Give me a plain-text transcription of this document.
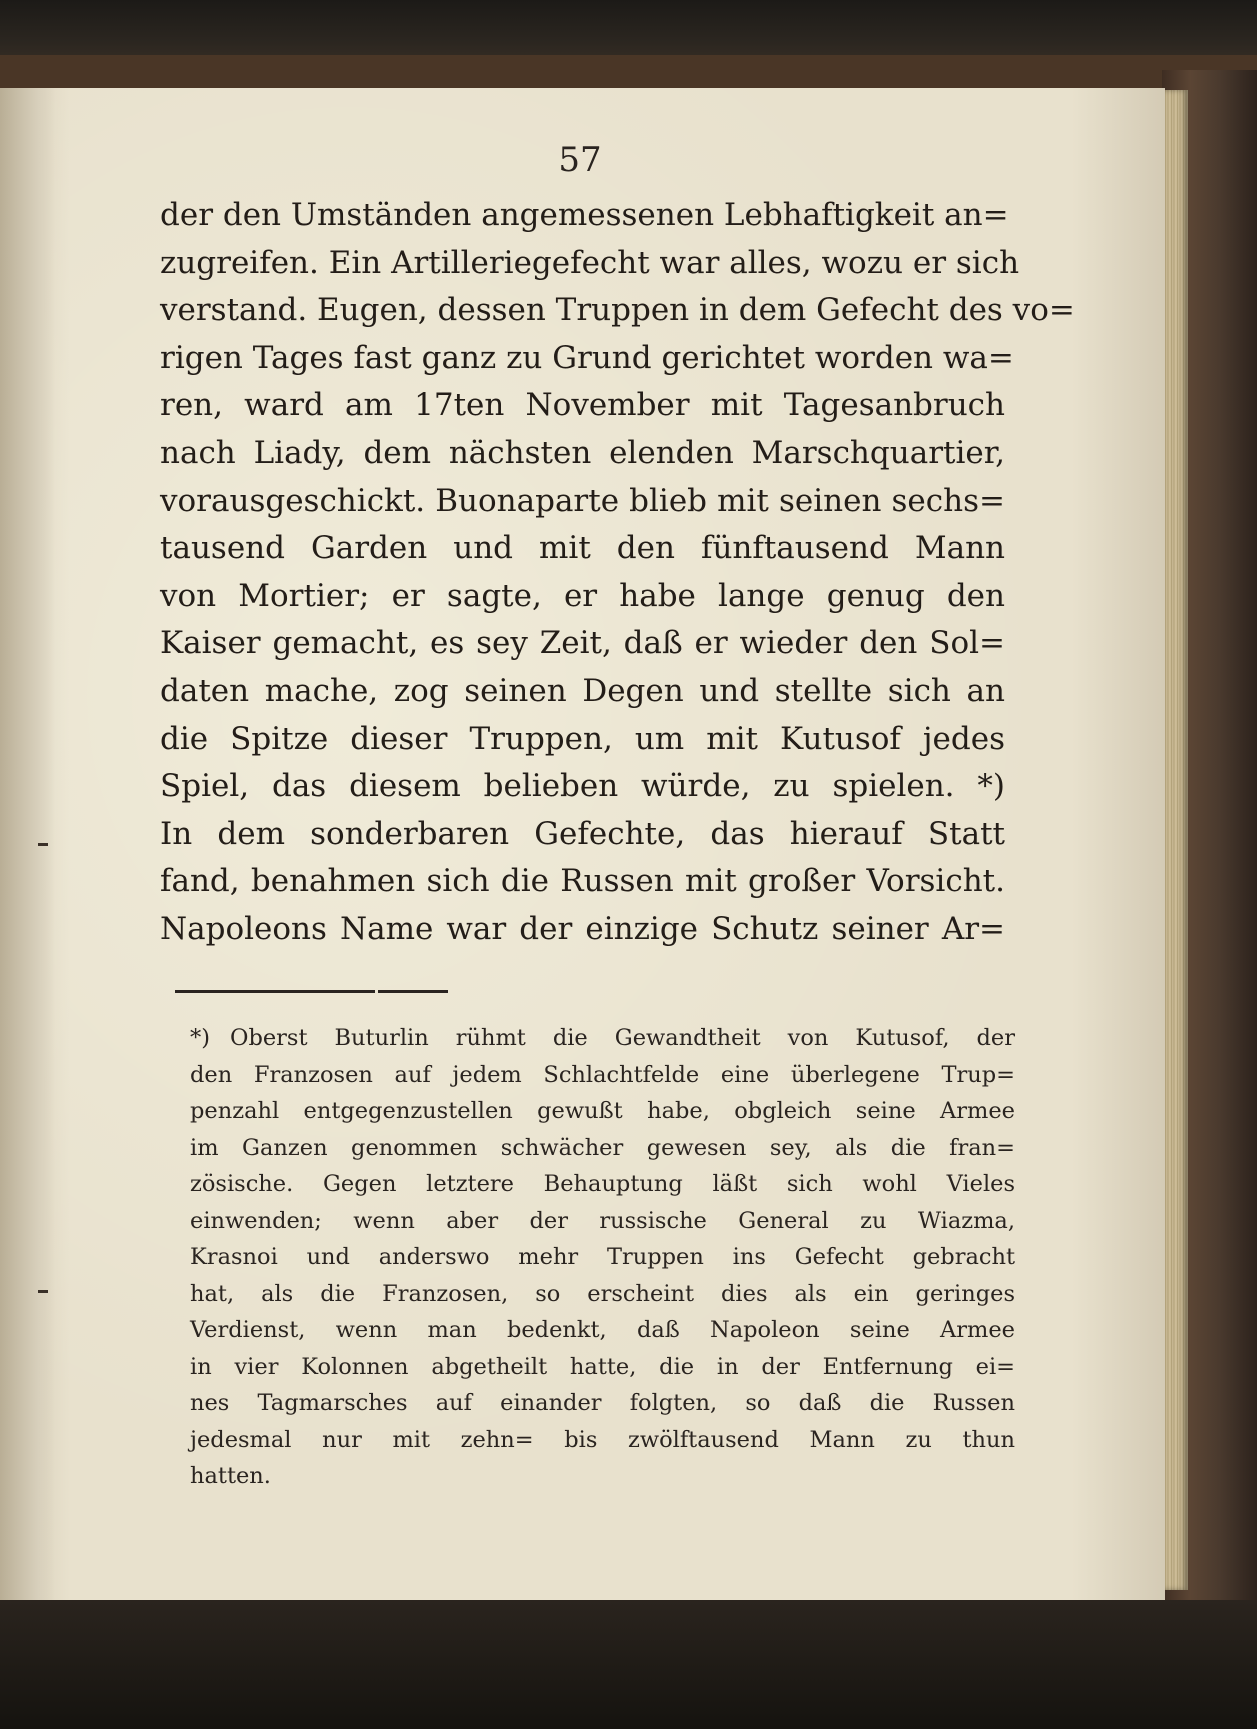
57
der den Umständen angemessenen Lebhaftigkeit an=
zugreifen. Ein Artilleriegefecht war alles, wozu er sich
verstand. Eugen, dessen Truppen in dem Gefecht des vo=
rigen Tages fast ganz zu Grund gerichtet worden wa=
ren, ward am 17ten November mit Tagesanbruch
nach Liady, dem nächsten elenden Marschquartier,
vorausgeschickt. Buonaparte blieb mit seinen sechs=
tausend Garden und mit den fünftausend Mann
von Mortier; er sagte, er habe lange genug den
Kaiser gemacht, es sey Zeit, daß er wieder den Sol=
daten mache, zog seinen Degen und stellte sich an
die Spitze dieser Truppen, um mit Kutusof jedes
Spiel, das diesem belieben würde, zu spielen. *)
In dem sonderbaren Gefechte, das hierauf Statt
fand, benahmen sich die Russen mit großer Vorsicht.
Napoleons Name war der einzige Schutz seiner Ar=
*) Oberst Buturlin rühmt die Gewandtheit von Kutusof, der
den Franzosen auf jedem Schlachtfelde eine überlegene Trup=
penzahl entgegenzustellen gewußt habe, obgleich seine Armee
im Ganzen genommen schwächer gewesen sey, als die fran=
zösische. Gegen letztere Behauptung läßt sich wohl Vieles
einwenden; wenn aber der russische General zu Wiazma,
Krasnoi und anderswo mehr Truppen ins Gefecht gebracht
hat, als die Franzosen, so erscheint dies als ein geringes
Verdienst, wenn man bedenkt, daß Napoleon seine Armee
in vier Kolonnen abgetheilt hatte, die in der Entfernung ei=
nes Tagmarsches auf einander folgten, so daß die Russen
jedesmal nur mit zehn= bis zwölftausend Mann zu thun
hatten.
